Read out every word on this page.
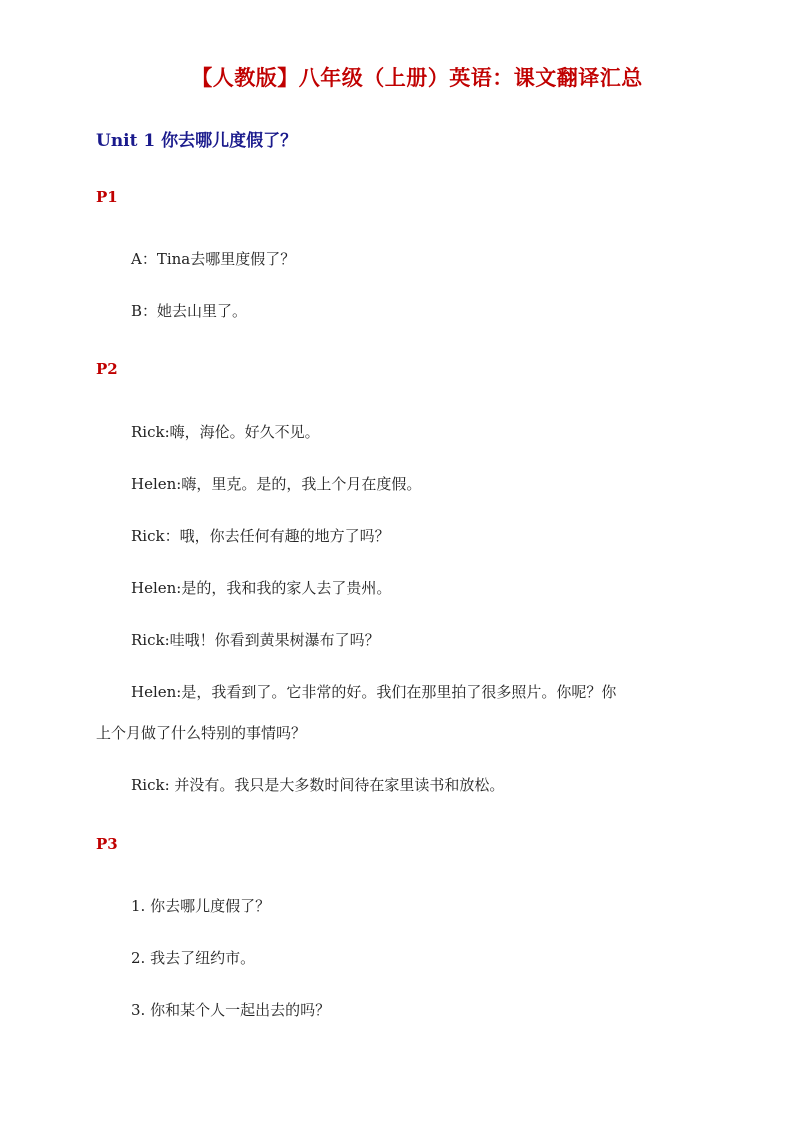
【人教版】八年级（上册）英语：课文翻译汇总
Unit 1 你去哪儿度假了？
P1
A：Tina去哪里度假了？
B：她去山里了。
P2
Rick:嗨，海伦。好久不见。
Helen:嗨，里克。是的，我上个月在度假。
Rick：哦，你去任何有趣的地方了吗？
Helen:是的，我和我的家人去了贵州。
Rick:哇哦！你看到黄果树瀑布了吗？
Helen:是，我看到了。它非常的好。我们在那里拍了很多照片。你呢？你
上个月做了什么特别的事情吗？
Rick: 并没有。我只是大多数时间待在家里读书和放松。
P3
1. 你去哪儿度假了？
2. 我去了纽约市。
3. 你和某个人一起出去的吗？
